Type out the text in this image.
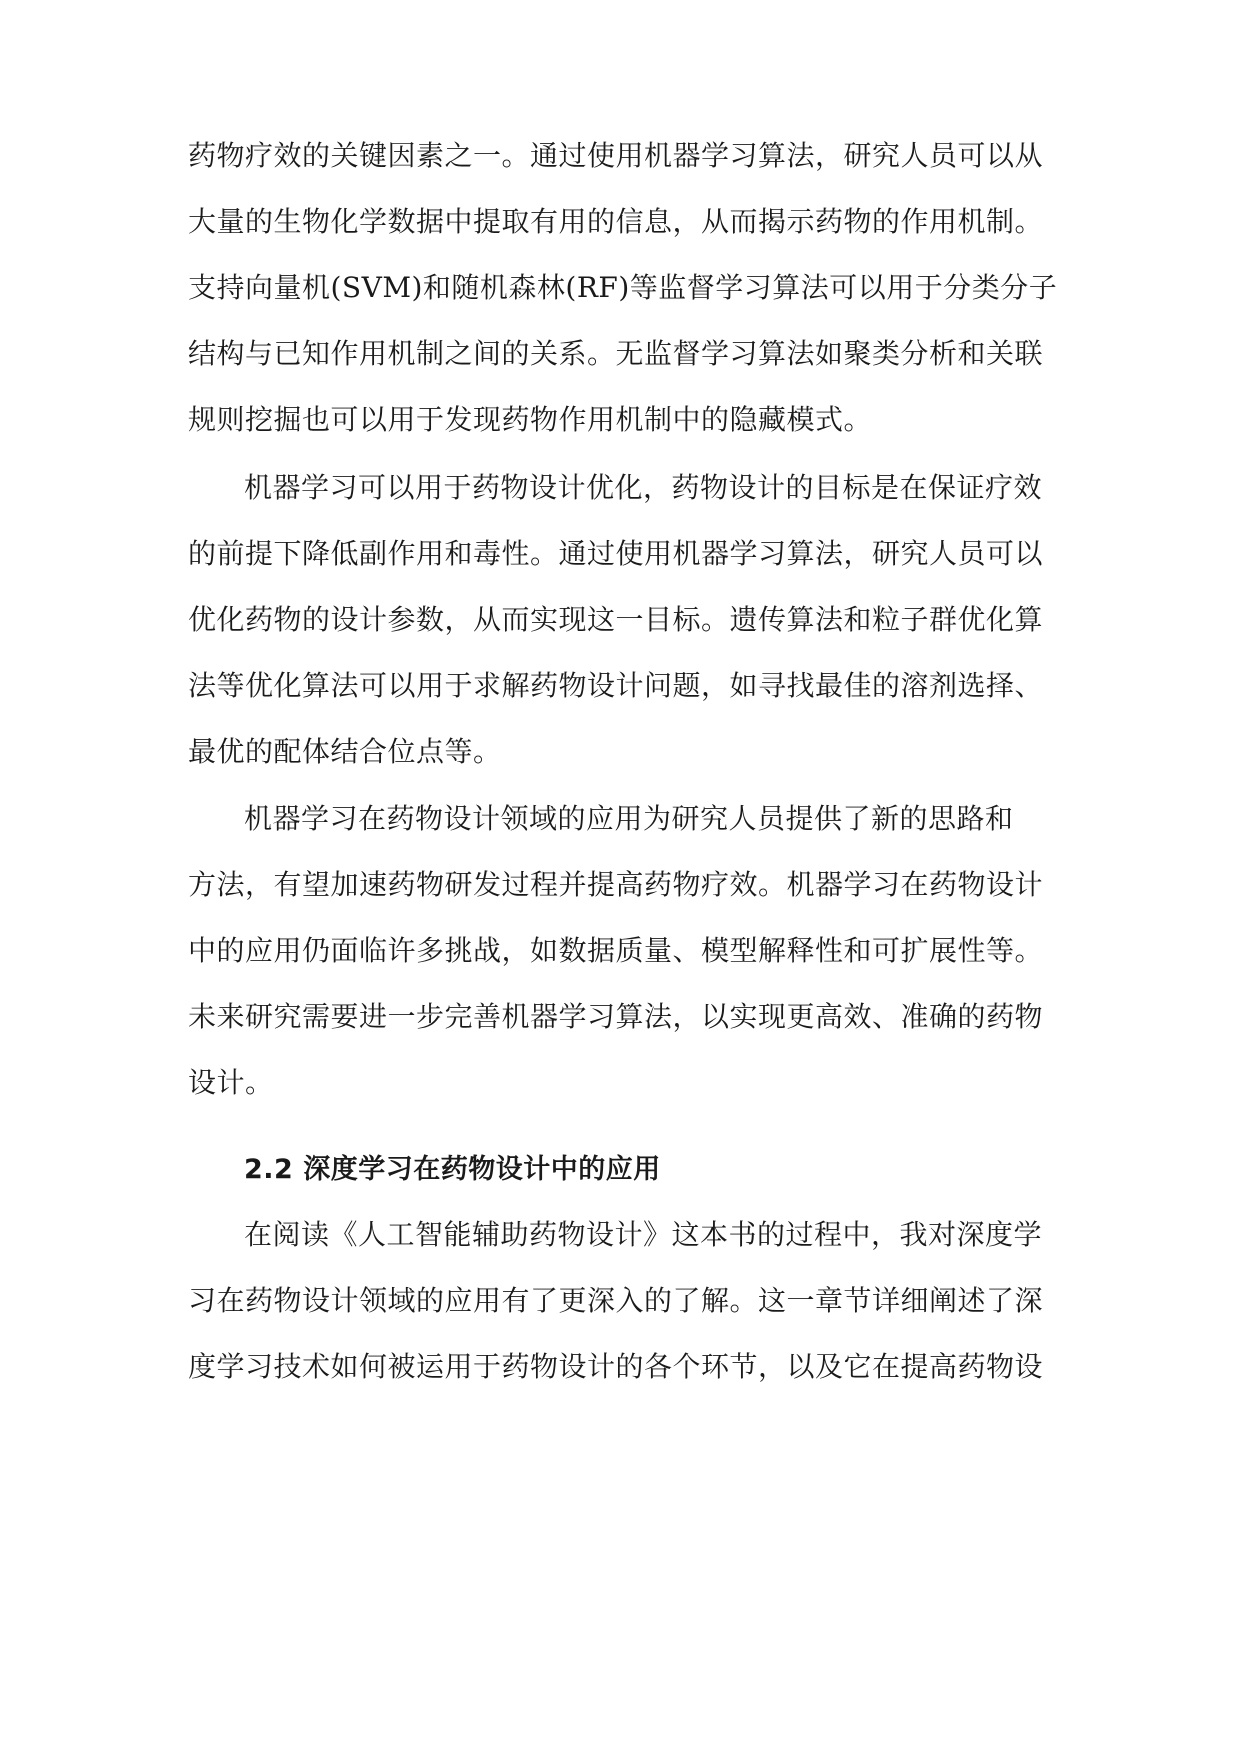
药物疗效的关键因素之一。通过使用机器学习算法，研究人员可以从
大量的生物化学数据中提取有用的信息，从而揭示药物的作用机制。
支持向量机(SVM)和随机森林(RF)等监督学习算法可以用于分类分子
结构与已知作用机制之间的关系。无监督学习算法如聚类分析和关联
规则挖掘也可以用于发现药物作用机制中的隐藏模式。
机器学习可以用于药物设计优化，药物设计的目标是在保证疗效
的前提下降低副作用和毒性。通过使用机器学习算法，研究人员可以
优化药物的设计参数，从而实现这一目标。遗传算法和粒子群优化算
法等优化算法可以用于求解药物设计问题，如寻找最佳的溶剂选择、
最优的配体结合位点等。
机器学习在药物设计领域的应用为研究人员提供了新的思路和
方法，有望加速药物研发过程并提高药物疗效。机器学习在药物设计
中的应用仍面临许多挑战，如数据质量、模型解释性和可扩展性等。
未来研究需要进一步完善机器学习算法，以实现更高效、准确的药物
设计。
2.2 深度学习在药物设计中的应用
在阅读《人工智能辅助药物设计》这本书的过程中，我对深度学
习在药物设计领域的应用有了更深入的了解。这一章节详细阐述了深
度学习技术如何被运用于药物设计的各个环节，以及它在提高药物设
